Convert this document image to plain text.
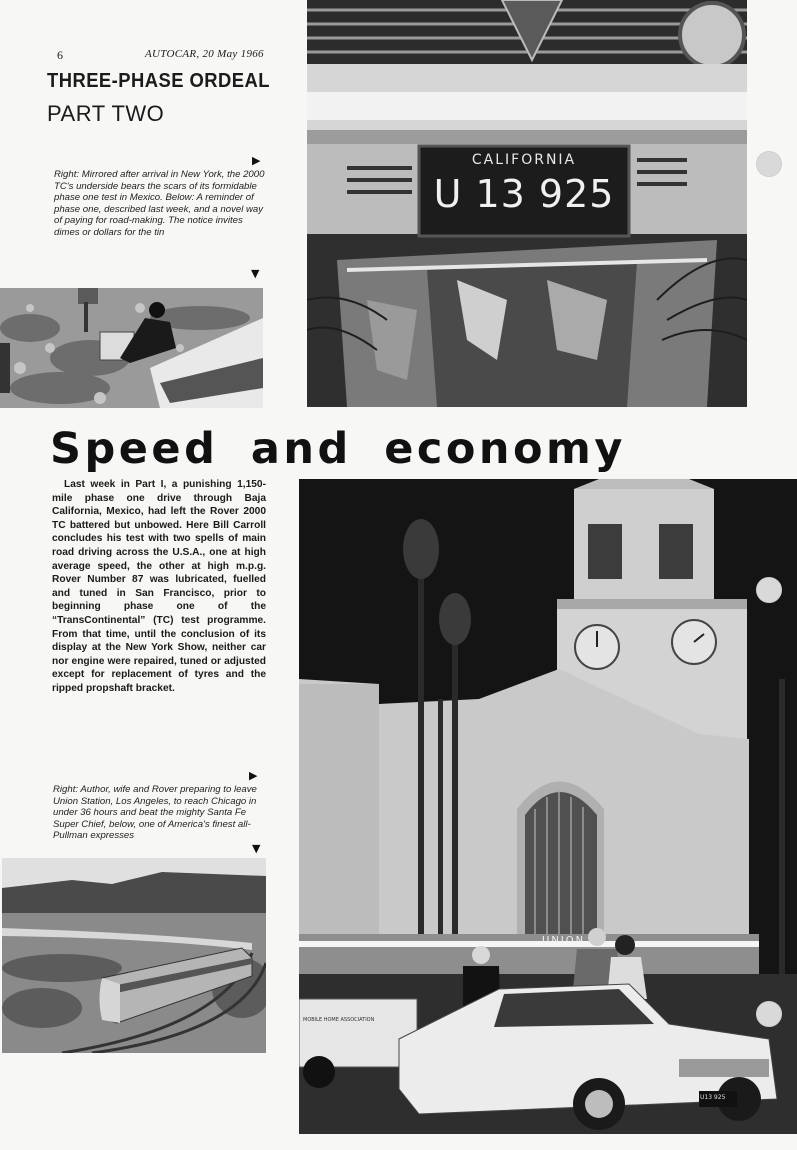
6	AUTOCAR, 20 May 1966
THREE-PHASE ORDEAL
PART TWO
▶
Right: Mirrored after arrival in New York, the 2000 TC's underside bears the scars of its formidable phase one test in Mexico. Below: A reminder of phase one, described last week, and a novel way of paying for road-making. The notice invites dimes or dollars for the tin
▼
CALIFORNIA
U 13 925
Speed and economy
Last week in Part I, a punishing 1,150-mile phase one drive through Baja California, Mexico, had left the Rover 2000 TC battered but unbowed. Here Bill Carroll concludes his test with two spells of main road driving across the U.S.A., one at high average speed, the other at high m.p.g. Rover Number 87 was lubricated, fuelled and tuned in San Francisco, prior to beginning phase one of the “TransContinental” (TC) test programme. From that time, until the conclusion of its display at the New York Show, neither car nor engine were repaired, tuned or adjusted except for replacement of tyres and the ripped propshaft bracket.
▶
Right: Author, wife and Rover preparing to leave Union Station, Los Angeles, to reach Chicago in under 36 hours and beat the mighty Santa Fe Super Chief, below, one of America's finest all-Pullman expresses
▼
UNION
MOBILE HOME ASSOCIATION
U13 925
